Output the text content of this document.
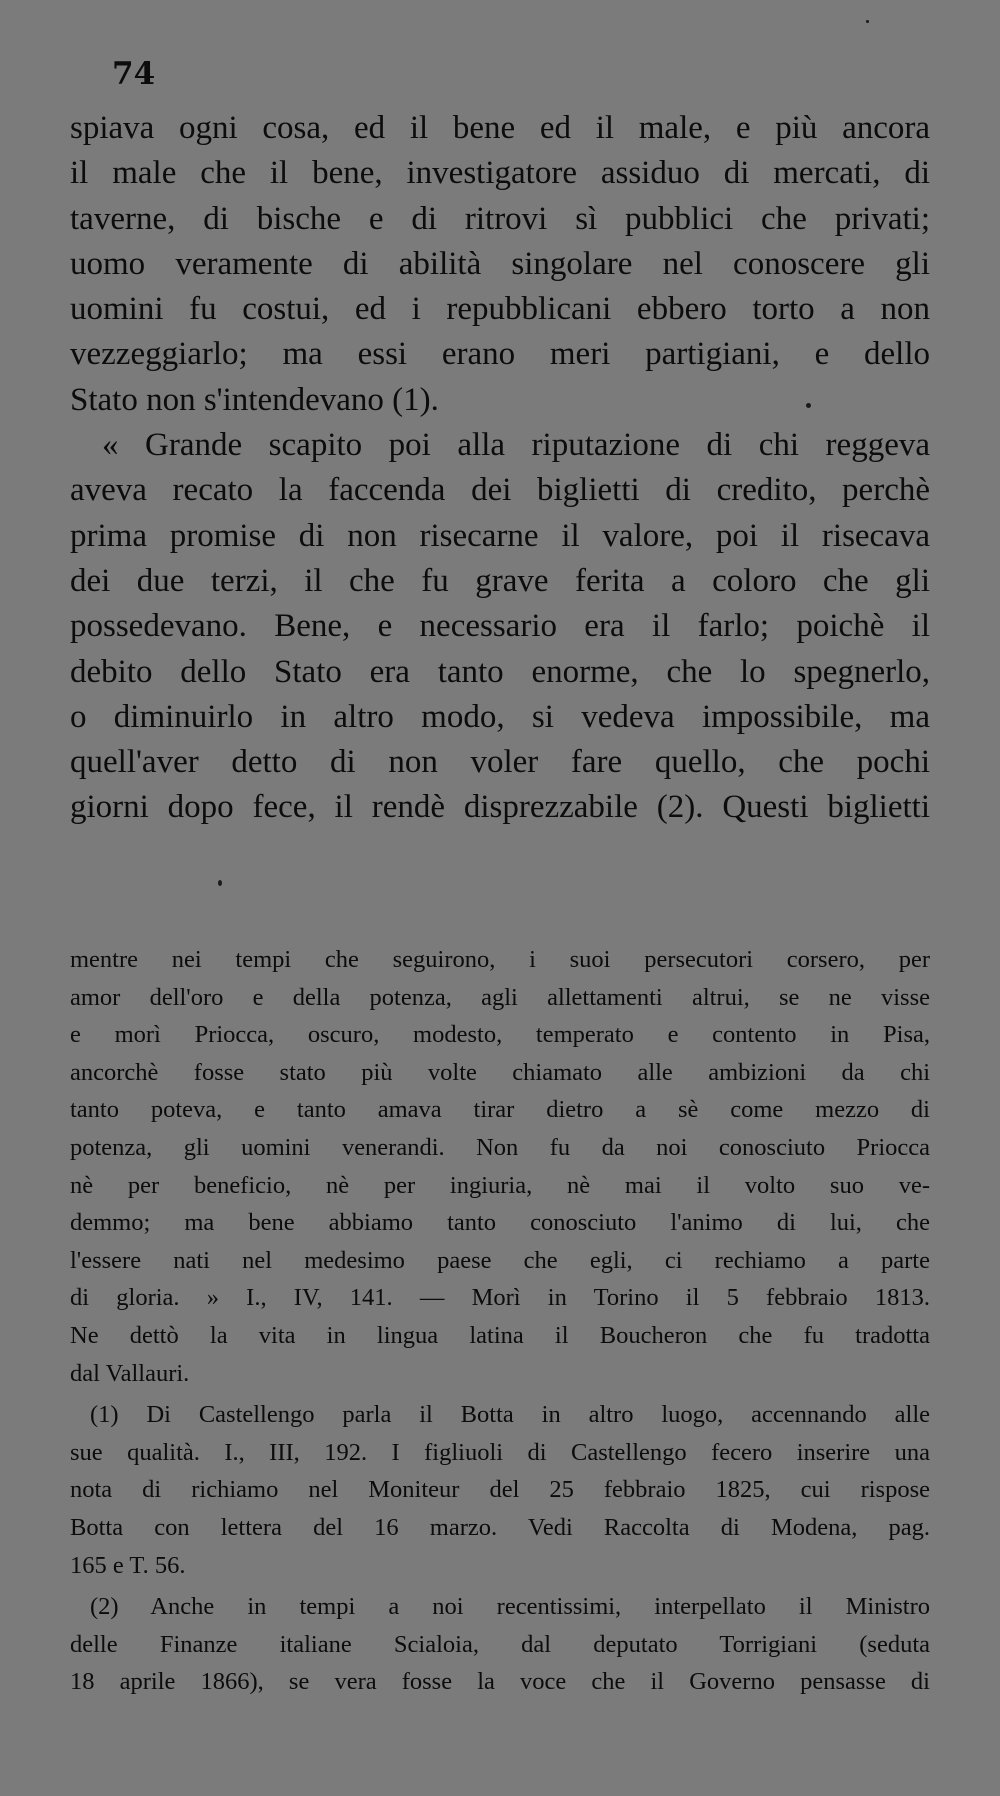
74
spiava ogni cosa, ed il bene ed il male, e più ancora
il male che il bene, investigatore assiduo di mercati, di
taverne, di bische e di ritrovi sì pubblici che privati;
uomo veramente di abilità singolare nel conoscere gli
uomini fu costui, ed i repubblicani ebbero torto a non
vezzeggiarlo; ma essi erano meri partigiani, e dello
Stato non s'intendevano (1).
« Grande scapito poi alla riputazione di chi reggeva
aveva recato la faccenda dei biglietti di credito, perchè
prima promise di non risecarne il valore, poi il risecava
dei due terzi, il che fu grave ferita a coloro che gli
possedevano. Bene, e necessario era il farlo; poichè il
debito dello Stato era tanto enorme, che lo spegnerlo,
o diminuirlo in altro modo, si vedeva impossibile, ma
quell'aver detto di non voler fare quello, che pochi
giorni dopo fece, il rendè disprezzabile (2). Questi biglietti
mentre nei tempi che seguirono, i suoi persecutori corsero, per
amor dell'oro e della potenza, agli allettamenti altrui, se ne visse
e morì Priocca, oscuro, modesto, temperato e contento in Pisa,
ancorchè fosse stato più volte chiamato alle ambizioni da chi
tanto poteva, e tanto amava tirar dietro a sè come mezzo di
potenza, gli uomini venerandi. Non fu da noi conosciuto Priocca
nè per beneficio, nè per ingiuria, nè mai il volto suo ve-
demmo; ma bene abbiamo tanto conosciuto l'animo di lui, che
l'essere nati nel medesimo paese che egli, ci rechiamo a parte
di gloria. » I., IV, 141. — Morì in Torino il 5 febbraio 1813.
Ne dettò la vita in lingua latina il Boucheron che fu tradotta
dal Vallauri.
(1) Di Castellengo parla il Botta in altro luogo, accennando alle
sue qualità. I., III, 192. I figliuoli di Castellengo fecero inserire una
nota di richiamo nel Moniteur del 25 febbraio 1825, cui rispose
Botta con lettera del 16 marzo. Vedi Raccolta di Modena, pag.
165 e T. 56.
(2) Anche in tempi a noi recentissimi, interpellato il Ministro
delle Finanze italiane Scialoia, dal deputato Torrigiani (seduta
18 aprile 1866), se vera fosse la voce che il Governo pensasse di
